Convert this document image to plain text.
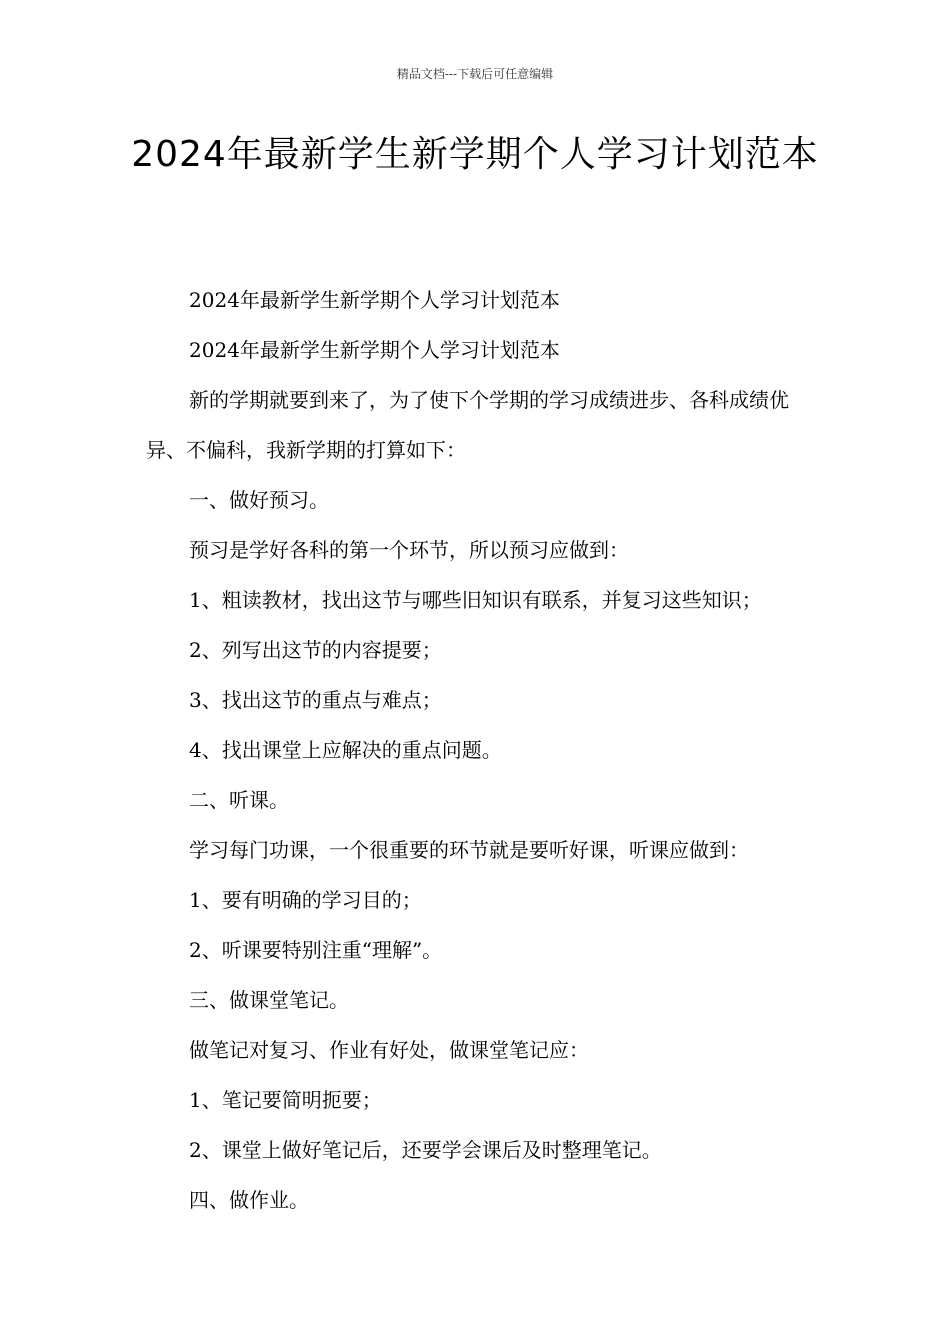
精品文档---下载后可任意编辑
2024年最新学生新学期个人学习计划范本

2024年最新学生新学期个人学习计划范本

2024年最新学生新学期个人学习计划范本

新的学期就要到来了，为了使下个学期的学习成绩进步、各科成绩优异、不偏科，我新学期的打算如下：

一、做好预习。

预习是学好各科的第一个环节，所以预习应做到：

1、粗读教材，找出这节与哪些旧知识有联系，并复习这些知识；

2、列写出这节的内容提要；

3、找出这节的重点与难点；

4、找出课堂上应解决的重点问题。

二、听课。

学习每门功课，一个很重要的环节就是要听好课，听课应做到：

1、要有明确的学习目的；

2、听课要特别注重“理解”。

三、做课堂笔记。

做笔记对复习、作业有好处，做课堂笔记应：

1、笔记要简明扼要；

2、课堂上做好笔记后，还要学会课后及时整理笔记。

四、做作业。
